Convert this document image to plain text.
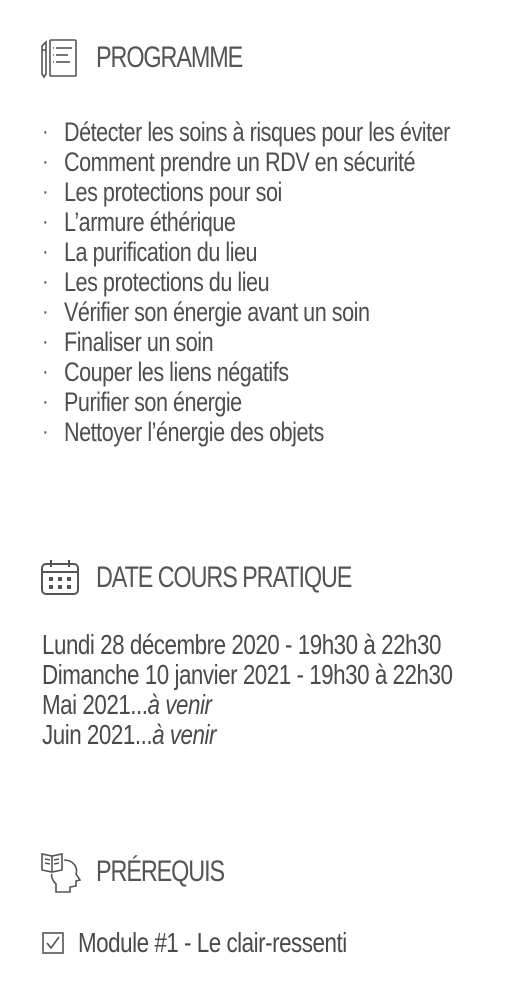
PROGRAMME
· Détecter les soins à risques pour les éviter
· Comment prendre un RDV en sécurité
· Les protections pour soi
· L’armure éthérique
· La purification du lieu
· Les protections du lieu
· Vérifier son énergie avant un soin
· Finaliser un soin
· Couper les liens négatifs
· Purifier son énergie
· Nettoyer l’énergie des objets
DATE COURS PRATIQUE
Lundi 28 décembre 2020 - 19h30 à 22h30
Dimanche 10 janvier 2021 - 19h30 à 22h30
Mai 2021...à venir
Juin 2021...à venir
PRÉREQUIS
Module #1 - Le clair-ressenti
